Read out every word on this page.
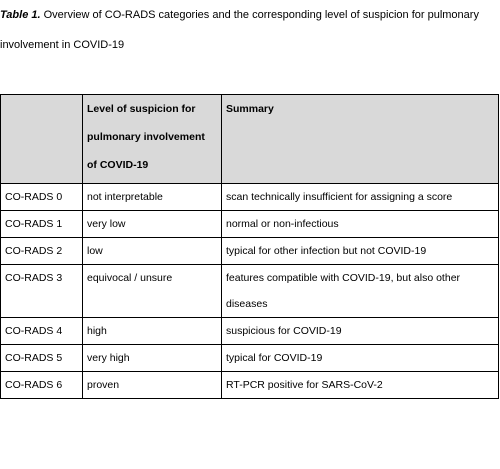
Table 1. Overview of CO-RADS categories and the corresponding level of suspicion for pulmonary involvement in COVID-19
	Level of suspicion for pulmonary involvement of COVID-19	Summary
CO-RADS 0	not interpretable	scan technically insufficient for assigning a score
CO-RADS 1	very low	normal or non-infectious
CO-RADS 2	low	typical for other infection but not COVID-19
CO-RADS 3	equivocal / unsure	features compatible with COVID-19, but also other diseases
CO-RADS 4	high	suspicious for COVID-19
CO-RADS 5	very high	typical for COVID-19
CO-RADS 6	proven	RT-PCR positive for SARS-CoV-2
